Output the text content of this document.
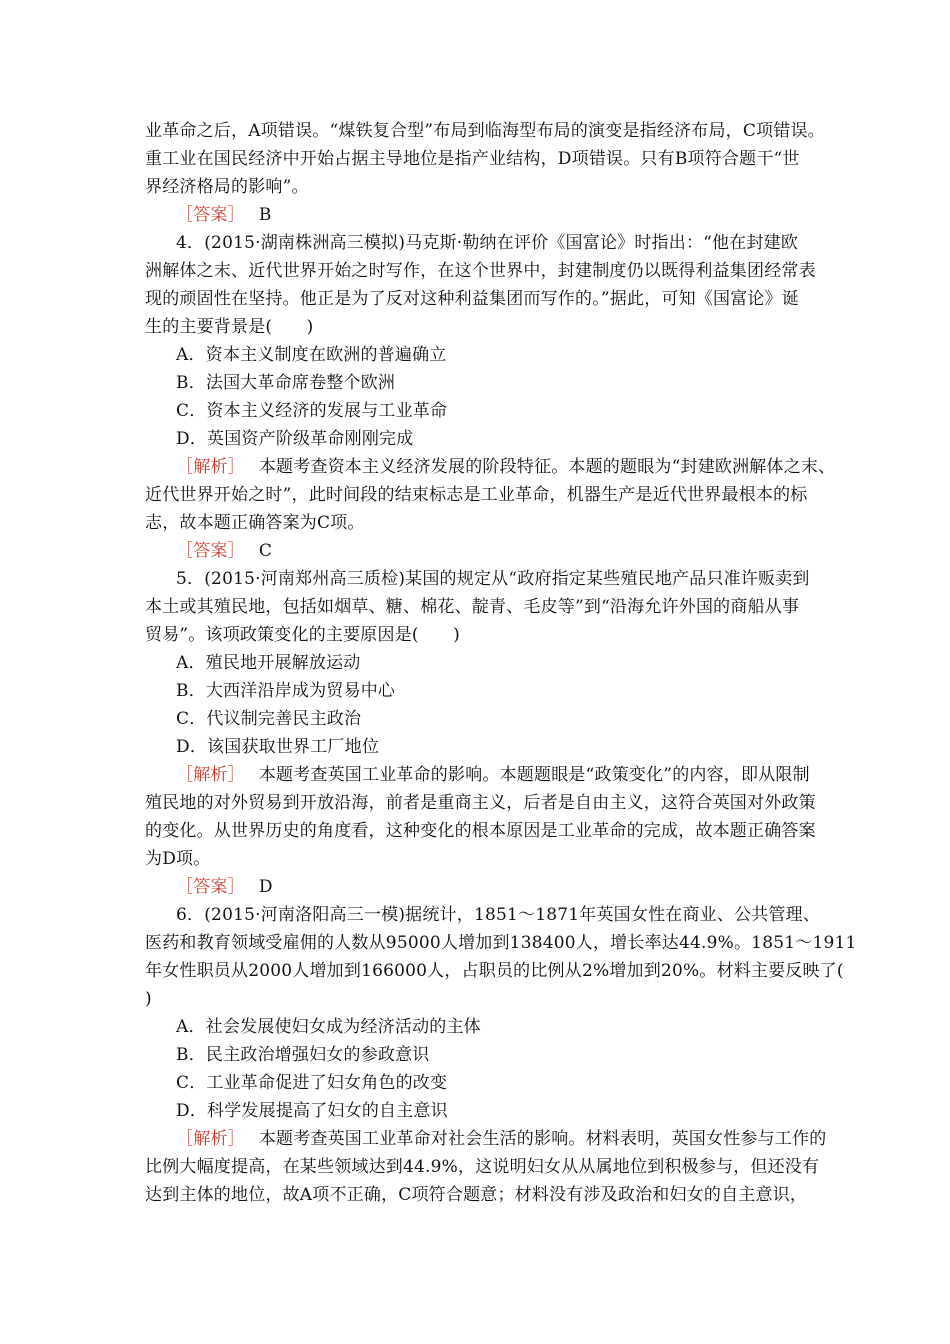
业革命之后，A项错误。“煤铁复合型”布局到临海型布局的演变是指经济布局，C项错误。
重工业在国民经济中开始占据主导地位是指产业结构，D项错误。只有B项符合题干“世
界经济格局的影响”。
［答案］ B
4．(2015·湖南株洲高三模拟)马克斯·勒纳在评价《国富论》时指出：“他在封建欧
洲解体之末、近代世界开始之时写作，在这个世界中，封建制度仍以既得利益集团经常表
现的顽固性在坚持。他正是为了反对这种利益集团而写作的。”据此，可知《国富论》诞
生的主要背景是(　　)
A．资本主义制度在欧洲的普遍确立
B．法国大革命席卷整个欧洲
C．资本主义经济的发展与工业革命
D．英国资产阶级革命刚刚完成
［解析］ 本题考查资本主义经济发展的阶段特征。本题的题眼为“封建欧洲解体之末、
近代世界开始之时”，此时间段的结束标志是工业革命，机器生产是近代世界最根本的标
志，故本题正确答案为C项。
［答案］ C
5．(2015·河南郑州高三质检)某国的规定从“政府指定某些殖民地产品只准许贩卖到
本土或其殖民地，包括如烟草、糖、棉花、靛青、毛皮等”到“沿海允许外国的商船从事
贸易”。该项政策变化的主要原因是(　　)
A．殖民地开展解放运动
B．大西洋沿岸成为贸易中心
C．代议制完善民主政治
D．该国获取世界工厂地位
［解析］ 本题考查英国工业革命的影响。本题题眼是“政策变化”的内容，即从限制
殖民地的对外贸易到开放沿海，前者是重商主义，后者是自由主义，这符合英国对外政策
的变化。从世界历史的角度看，这种变化的根本原因是工业革命的完成，故本题正确答案
为D项。
［答案］ D
6．(2015·河南洛阳高三一模)据统计，1851～1871年英国女性在商业、公共管理、
医药和教育领域受雇佣的人数从95000人增加到138400人，增长率达44.9%。1851～1911
年女性职员从2000人增加到166000人，占职员的比例从2%增加到20%。材料主要反映了(
)
A．社会发展使妇女成为经济活动的主体
B．民主政治增强妇女的参政意识
C．工业革命促进了妇女角色的改变
D．科学发展提高了妇女的自主意识
［解析］ 本题考查英国工业革命对社会生活的影响。材料表明，英国女性参与工作的
比例大幅度提高，在某些领域达到44.9%，这说明妇女从从属地位到积极参与，但还没有
达到主体的地位，故A项不正确，C项符合题意；材料没有涉及政治和妇女的自主意识，
